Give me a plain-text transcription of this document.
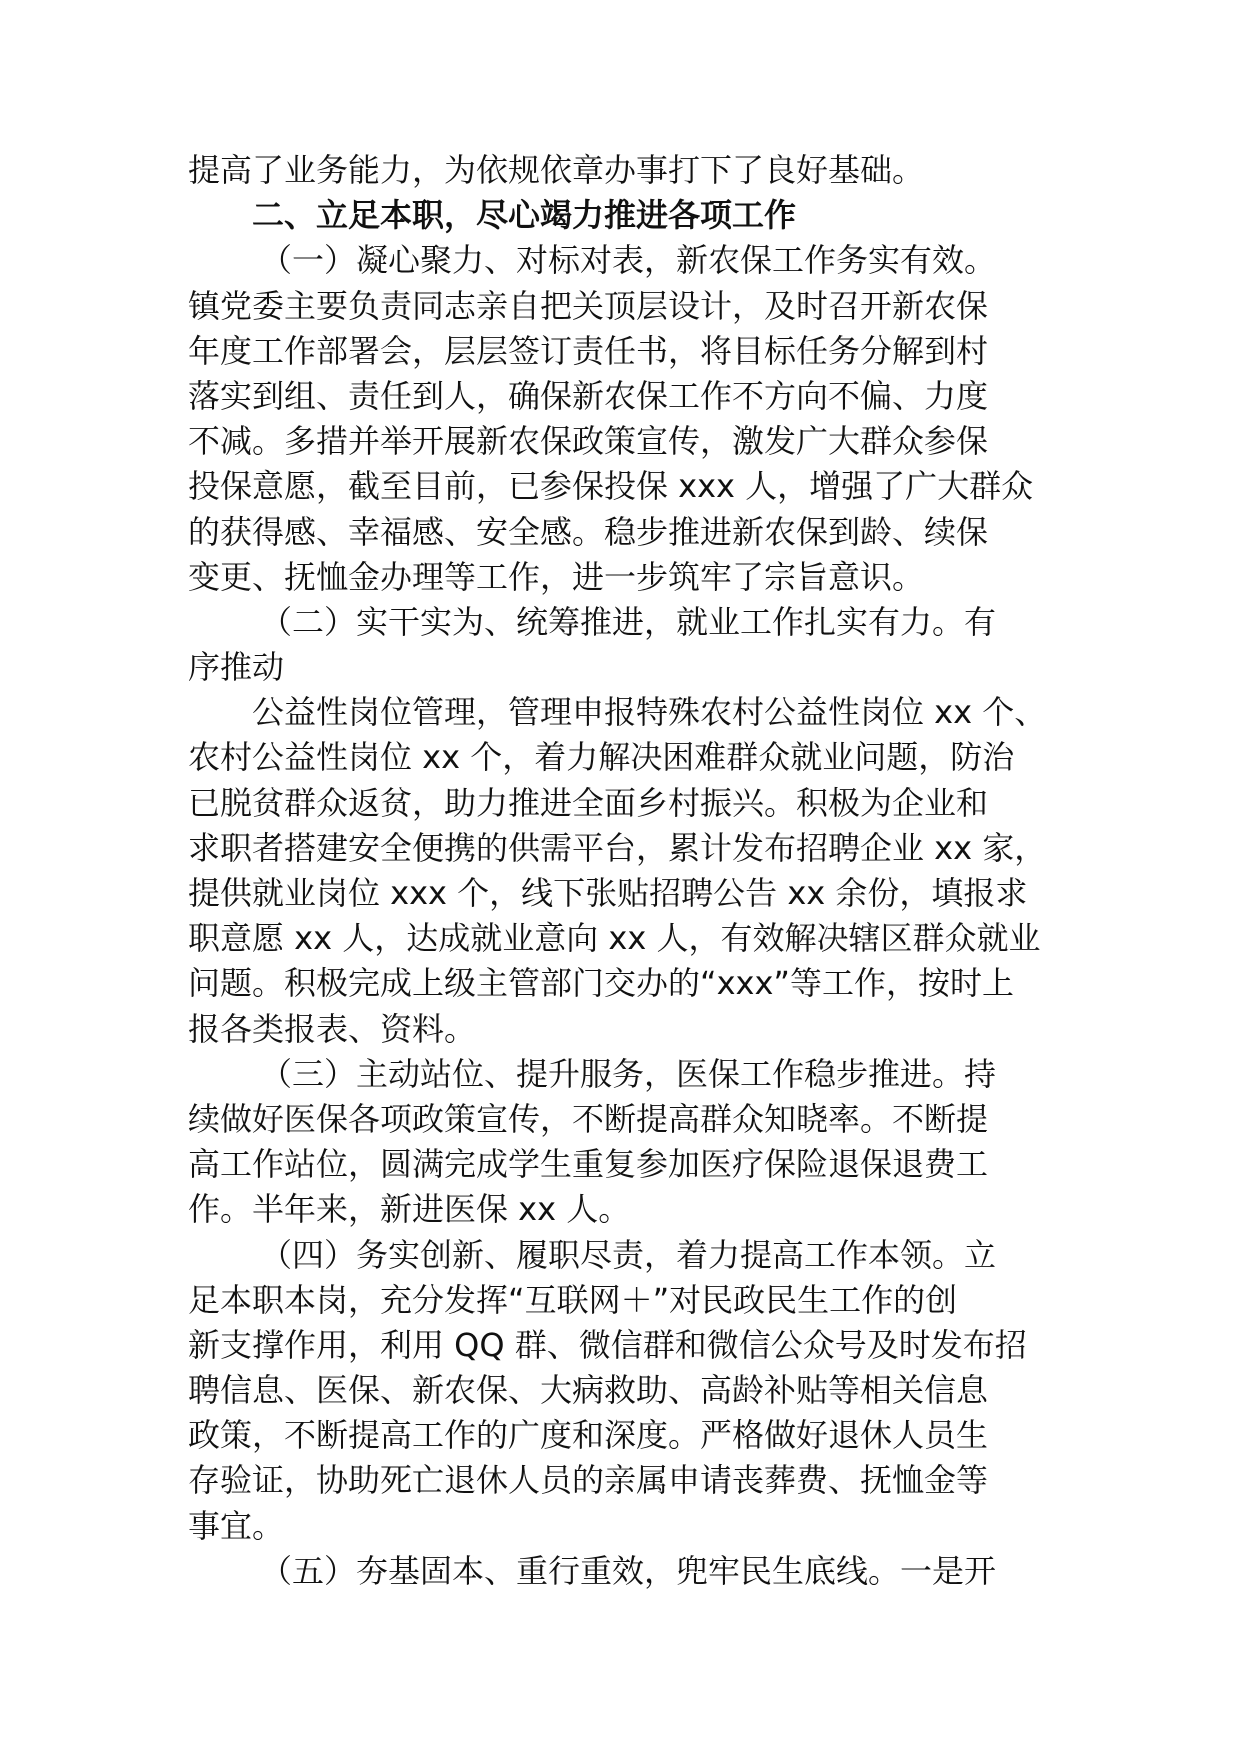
提高了业务能力，为依规依章办事打下了良好基础。
二、立足本职，尽心竭力推进各项工作
（一）凝心聚力、对标对表，新农保工作务实有效。
镇党委主要负责同志亲自把关顶层设计，及时召开新农保
年度工作部署会，层层签订责任书，将目标任务分解到村
落实到组、责任到人，确保新农保工作不方向不偏、力度
不减。多措并举开展新农保政策宣传，激发广大群众参保
投保意愿，截至目前，已参保投保 xxx 人，增强了广大群众
的获得感、幸福感、安全感。稳步推进新农保到龄、续保
变更、抚恤金办理等工作，进一步筑牢了宗旨意识。
（二）实干实为、统筹推进，就业工作扎实有力。有
序推动
公益性岗位管理，管理申报特殊农村公益性岗位 xx 个、
农村公益性岗位 xx 个，着力解决困难群众就业问题，防治
已脱贫群众返贫，助力推进全面乡村振兴。积极为企业和
求职者搭建安全便携的供需平台，累计发布招聘企业 xx 家，
提供就业岗位 xxx 个，线下张贴招聘公告 xx 余份，填报求
职意愿 xx 人，达成就业意向 xx 人，有效解决辖区群众就业
问题。积极完成上级主管部门交办的“xxx”等工作，按时上
报各类报表、资料。
（三）主动站位、提升服务，医保工作稳步推进。持
续做好医保各项政策宣传，不断提高群众知晓率。不断提
高工作站位，圆满完成学生重复参加医疗保险退保退费工
作。半年来，新进医保 xx 人。
（四）务实创新、履职尽责，着力提高工作本领。立
足本职本岗，充分发挥“互联网＋”对民政民生工作的创
新支撑作用，利用 QQ 群、微信群和微信公众号及时发布招
聘信息、医保、新农保、大病救助、高龄补贴等相关信息
政策，不断提高工作的广度和深度。严格做好退休人员生
存验证，协助死亡退休人员的亲属申请丧葬费、抚恤金等
事宜。
（五）夯基固本、重行重效，兜牢民生底线。一是开
